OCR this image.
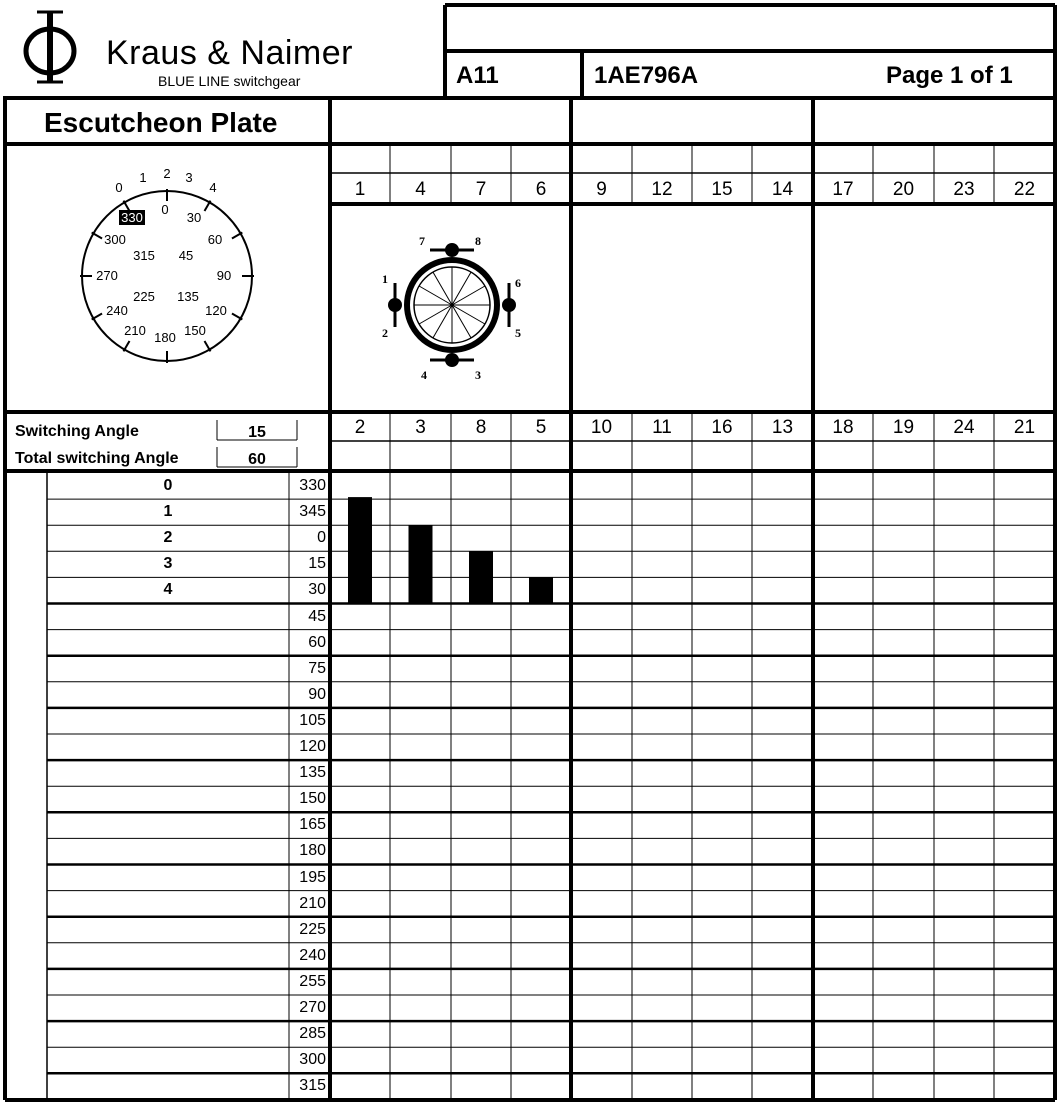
Kraus & Naimer
BLUE LINE switchgear	A11	1AE796A	Page 1 of 1
Escutcheon Plate
330
0
30
60
90
120
150
180
210
240
270
300
315 45
135
225
0
1 2 3
4
7	8
1	6
2	5
4	3
Switching Angle	15
Total switching Angle	60
1	4	7	6	9	12	15	14	17	20	23	22
2	3	8	5	10	11	16	13	18	19	24	21
0	330
1	345
2	0
3	15
4	30
45
60
75
90
105
120
135
150
165
180
195
210
225
240
255
270
285
300
315
